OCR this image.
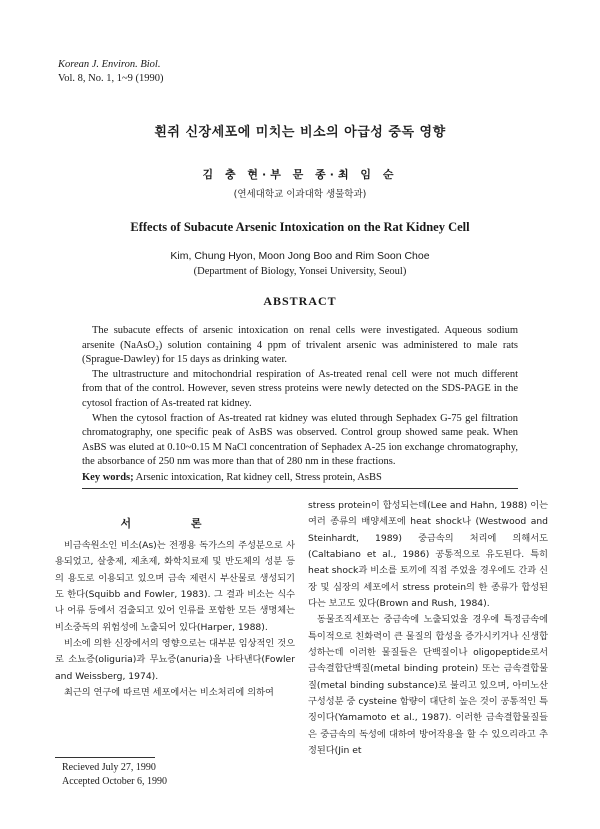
Korean J. Environ. Biol.
Vol. 8, No. 1, 1~9 (1990)
흰쥐 신장세포에 미치는 비소의 아급성 중독 영향
김 충 현·부 문 종·최 임 순
(연세대학교 이과대학 생물학과)
Effects of Subacute Arsenic Intoxication on the Rat Kidney Cell
Kim, Chung Hyon, Moon Jong Boo and Rim Soon Choe
(Department of Biology, Yonsei University, Seoul)
ABSTRACT

The subacute effects of arsenic intoxication on renal cells were investigated. Aqueous sodium arsenite (NaAsO₂) solution containing 4 ppm of trivalent arsenic was administered to male rats (Sprague-Dawley) for 15 days as drinking water.

The ultrastructure and mitochondrial respiration of As-treated renal cell were not much different from that of the control. However, seven stress proteins were newly detected on the SDS-PAGE in the cytosol fraction of As-treated rat kidney.

When the cytosol fraction of As-treated rat kidney was eluted through Sephadex G-75 gel filtration chromatography, one specific peak of AsBS was observed. Control group showed same peak. When AsBS was eluted at 0.10~0.15 M NaCl concentration of Sephadex A-25 ion exchange chromatography, the absorbance of 250 nm was more than that of 280 nm in these fractions.

Key words; Arsenic intoxication, Rat kidney cell, Stress protein, AsBS
서 론

비금속원소인 비소(As)는 전쟁용 독가스의 주성분으로 사용되었고, 살충제, 제초제, 화학치료제 및 반도체의 성분 등의 용도로 이용되고 있으며 금속 제련시 부산물로 생성되기도 한다(Squibb and Fowler, 1983). 그 결과 비소는 식수나 어류 등에서 검출되고 있어 인류를 포함한 모든 생명체는 비소중독의 위험성에 노출되어 있다(Harper, 1988).

비소에 의한 신장에서의 영향으로는 대부분 임상적인 것으로 소뇨증(oliguria)과 무뇨증(anuria)을 나타낸다(Fowler and Weissberg, 1974).

최근의 연구에 따르면 세포에서는 비소처리에 의하여

stress protein이 합성되는데(Lee and Hahn, 1988) 이는 여러 종류의 배양세포에 heat shock나 (Westwood and Steinhardt, 1989) 중금속의 처리에 의해서도 (Caltabiano et al., 1986) 공통적으로 유도된다. 특히 heat shock과 비소를 토끼에 직접 주었을 경우에도 간과 신장 및 심장의 세포에서 stress protein의 한 종류가 합성된다는 보고도 있다(Brown and Rush, 1984).

동물조직세포는 중금속에 노출되었을 경우에 특정금속에 특이적으로 친화력이 큰 물질의 합성을 증가시키거나 신생합성하는데 이러한 물질들은 단백질이나 oligopeptide로서 금속결합단백질(metal binding protein) 또는 금속결합물질(metal binding substance)로 불리고 있으며, 아미노산 구성성분 중 cysteine 함량이 대단히 높은 것이 공통적인 특징이다(Yamamoto et al., 1987). 이러한 금속결합물질들은 중금속의 독성에 대하여 방어작용을 할 수 있으리라고 추정된다(Jin et

Recieved July 27, 1990
Accepted October 6, 1990
